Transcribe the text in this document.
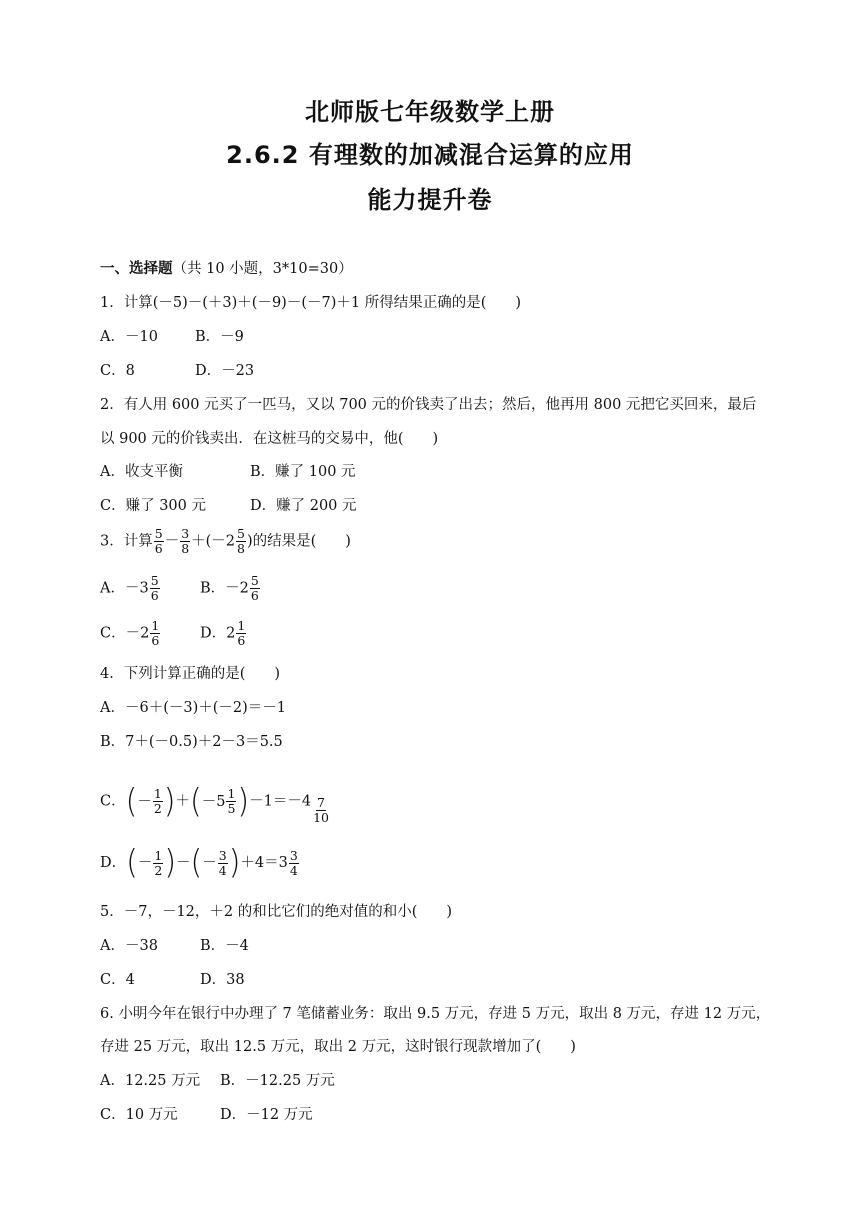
北师版七年级数学上册
2.6.2 有理数的加减混合运算的应用
能力提升卷
一、选择题（共 10 小题，3*10=30）
1．计算(－5)－(＋3)＋(－9)－(－7)＋1 所得结果正确的是(　　)
A．－10	B．－9
C．8	D．－23
2．有人用 600 元买了一匹马，又以 700 元的价钱卖了出去；然后，他再用 800 元把它买回来，最后
以 900 元的价钱卖出．在这桩马的交易中，他(　　)
A．收支平衡	B．赚了 100 元
C．赚了 300 元	D．赚了 200 元
3．计算 $\frac{5}{6} - \frac{3}{8} +(-2 \frac{5}{8}$ )的结果是(　　)
A．$-3 \frac{5}{6}$	B．$-2 \frac{5}{6}$
C．$-2 \frac{1}{6}$	D．$2 \frac{1}{6}$
4．下列计算正确的是(　　)
A．－6＋(－3)＋(－2)＝－1
B．7＋(－0.5)＋2－3＝5.5
C．( － $\frac{1}{2}$ )＋( $-5 \frac{1}{5} )-1=-4 \frac{7}{10}$
D．( － $\frac{1}{2}$ )－( － $\frac{3}{4} )+4=3 \frac{3}{4}$
5．－7，－12，＋2 的和比它们的绝对值的和小(　　)
A．－38	B．－4
C．4	D．38
6. 小明今年在银行中办理了 7 笔储蓄业务：取出 9.5 万元，存进 5 万元，取出 8 万元，存进 12 万元，
存进 25 万元，取出 12.5 万元，取出 2 万元，这时银行现款增加了(　　)
A．12.25 万元 B．－12.25 万元
C．10 万元	D．－12 万元
